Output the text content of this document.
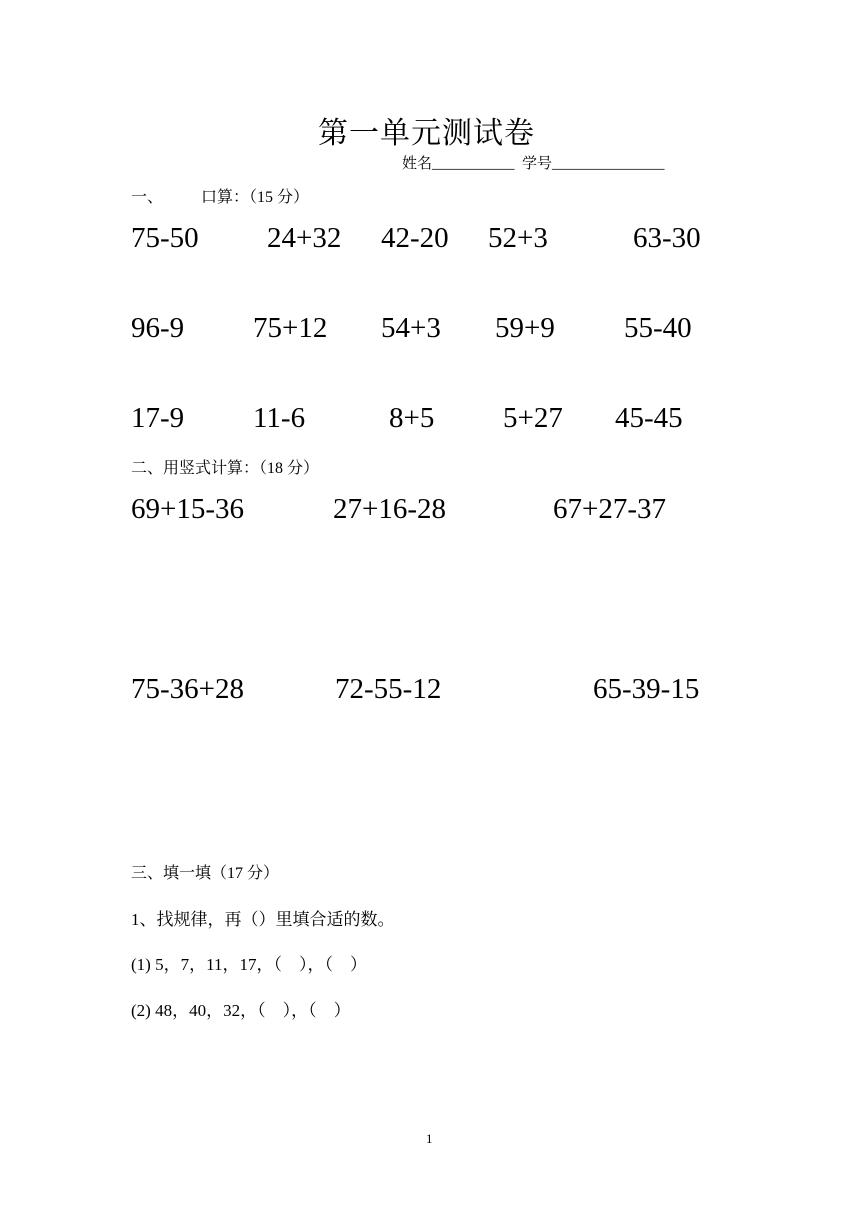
第一单元测试卷
姓名___________  学号_______________
一、 口算：（15 分）
75-50 24+32 42-20 52+3	63-30
96-9 75+12 54+3 59+9 55-40
17-9 11-6	8+5 5+27 45-45
二、用竖式计算：（18 分）
69+15-36	27+16-28	67+27-37
75-36+28	72-55-12	65-39-15
三、填一填（17 分）
1、找规律，再（）里填合适的数。
(1) 5，7，11，17，（    ），（    ）
(2) 48，40，32，（    ），（    ）
1
